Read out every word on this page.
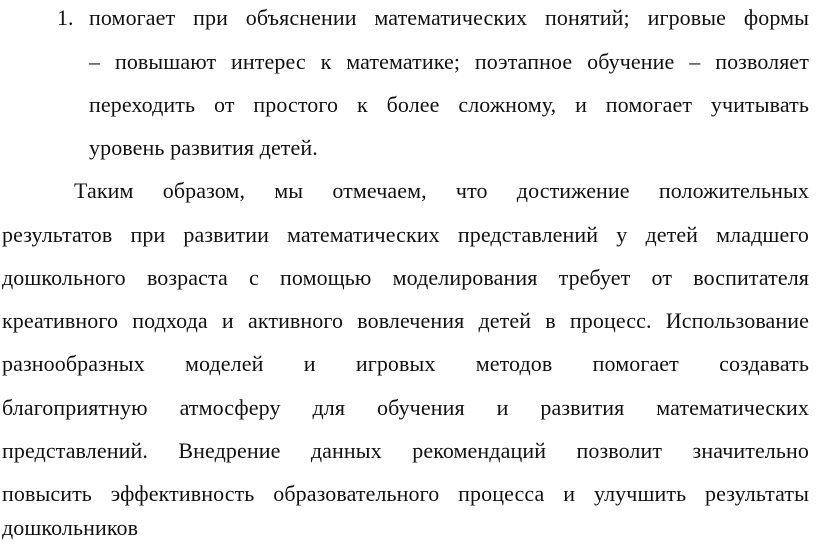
1. помогает при объяснении математических понятий; игровые формы
– повышают интерес к математике; поэтапное обучение – позволяет
переходить от простого к более сложному, и помогает учитывать
уровень развития детей.
Таким образом, мы отмечаем, что достижение положительных
результатов при развитии математических представлений у детей младшего
дошкольного возраста с помощью моделирования требует от воспитателя
креативного подхода и активного вовлечения детей в процесс. Использование
разнообразных моделей и игровых методов помогает создавать
благоприятную атмосферу для обучения и развития математических
представлений. Внедрение данных рекомендаций позволит значительно
повысить эффективность образовательного процесса и улучшить результаты
дошкольников
